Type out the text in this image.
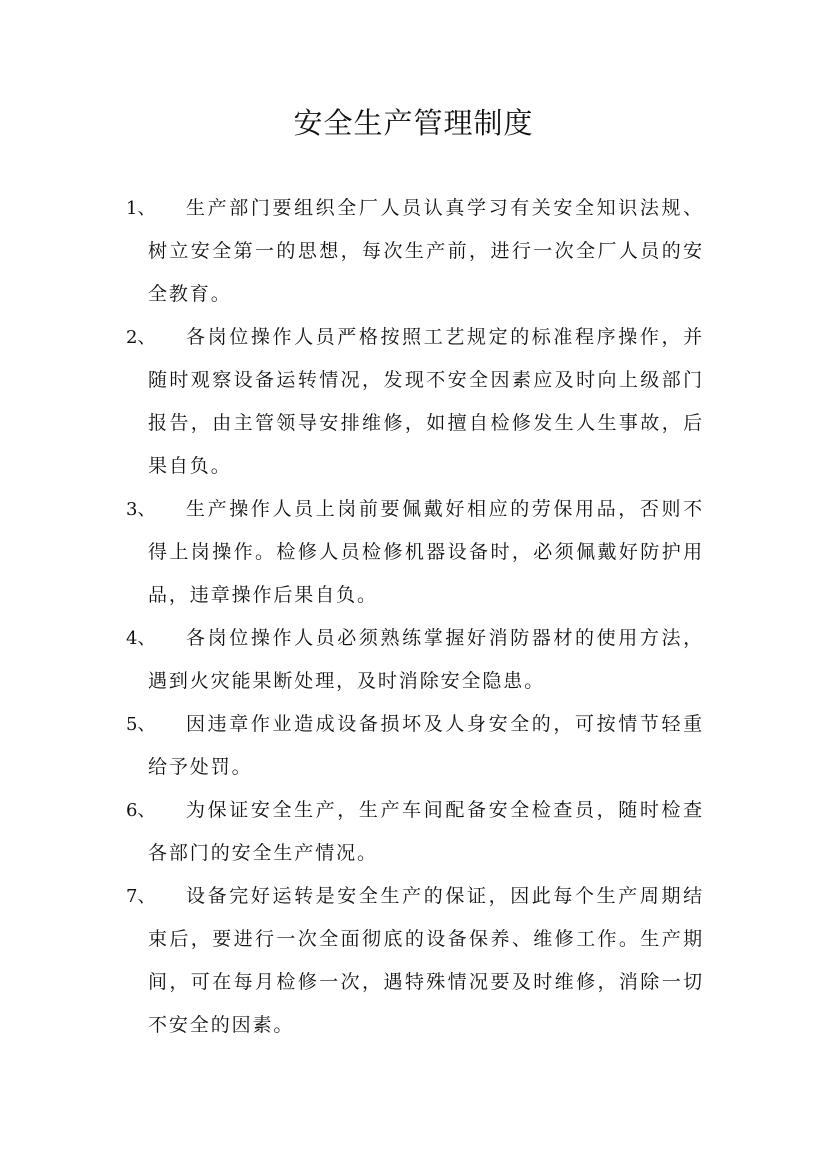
安全生产管理制度
1、	生产部门要组织全厂人员认真学习有关安全知识法规、树立安全第一的思想，每次生产前，进行一次全厂人员的安全教育。
2、	各岗位操作人员严格按照工艺规定的标准程序操作，并随时观察设备运转情况，发现不安全因素应及时向上级部门报告，由主管领导安排维修，如擅自检修发生人生事故，后果自负。
3、	生产操作人员上岗前要佩戴好相应的劳保用品，否则不得上岗操作。检修人员检修机器设备时，必须佩戴好防护用品，违章操作后果自负。
4、	各岗位操作人员必须熟练掌握好消防器材的使用方法，遇到火灾能果断处理，及时消除安全隐患。
5、	因违章作业造成设备损坏及人身安全的，可按情节轻重给予处罚。
6、	为保证安全生产，生产车间配备安全检查员，随时检查各部门的安全生产情况。
7、	设备完好运转是安全生产的保证，因此每个生产周期结束后，要进行一次全面彻底的设备保养、维修工作。生产期间，可在每月检修一次，遇特殊情况要及时维修，消除一切不安全的因素。
